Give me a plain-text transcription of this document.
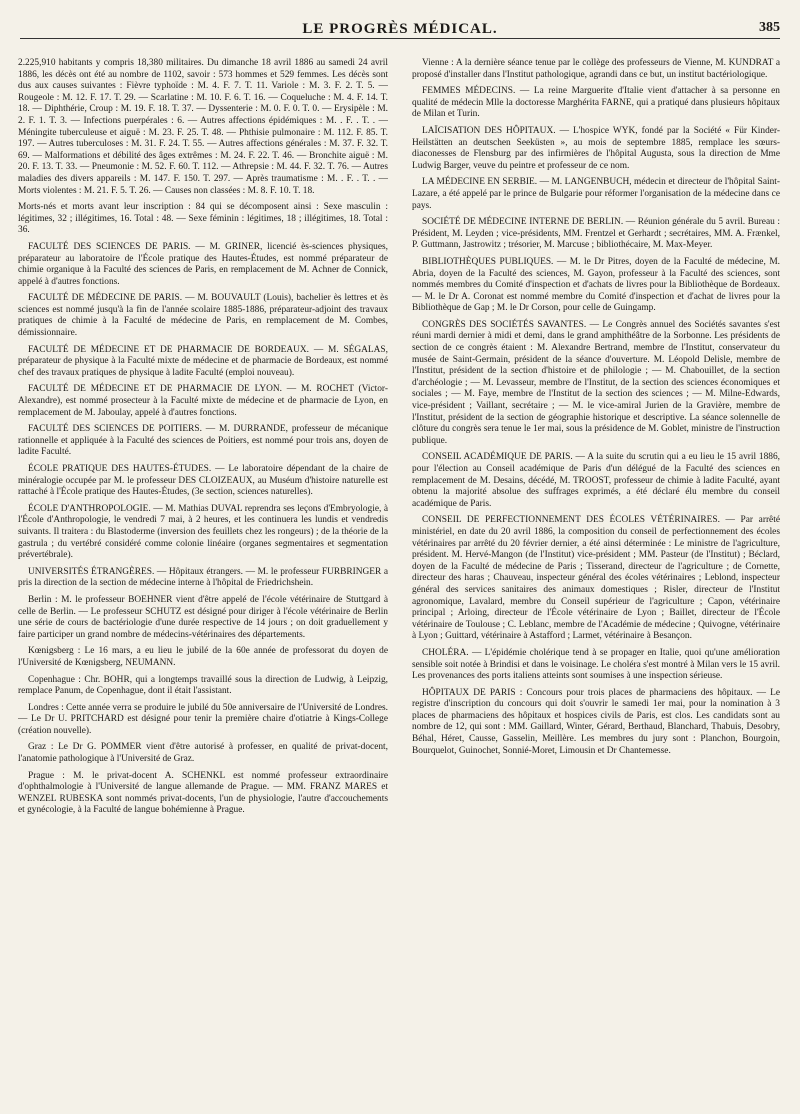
LE PROGRÈS MÉDICAL.	385

2.225,910 habitants y compris 18,380 militaires. Du dimanche 18 avril 1886 au samedi 24 avril 1886, les décès ont été au nombre de 1102, savoir : 573 hommes et 529 femmes. Les décès sont dus aux causes suivantes : Fièvre typhoïde : M. 4. F. 7. T. 11. Variole : M. 3. F. 2. T. 5. — Rougeole : M. 12. F. 17. T. 29. — Scarlatine : M. 10. F. 6. T. 16. — Coqueluche : M. 4. F. 14. T. 18. — Diphthérie, Croup : M. 19. F. 18. T. 37. — Dyssenterie : M. 0. F. 0. T. 0. — Erysipèle : M. 2. F. 1. T. 3. — Infections puerpérales : 6. — Autres affections épidémiques : M. . F. . T. . — Méningite tuberculeuse et aiguë : M. 23. F. 25. T. 48. — Phthisie pulmonaire : M. 112. F. 85. T. 197. — Autres tuberculoses : M. 31. F. 24. T. 55. — Autres affections générales : M. 37. F. 32. T. 69. — Malformations et débilité des âges extrêmes : M. 24. F. 22. T. 46. — Bronchite aiguë : M. 20. F. 13. T. 33. — Pneumonie : M. 52. F. 60. T. 112. — Athrepsie : M. 44. F. 32. T. 76. — Autres maladies des divers appareils : M. 147. F. 150. T. 297. — Après traumatisme : M. . F. . T. . — Morts violentes : M. 21. F. 5. T. 26. — Causes non classées : M. 8. F. 10. T. 18.

Morts-nés et morts avant leur inscription : 84 qui se décomposent ainsi : Sexe masculin : légitimes, 32 ; illégitimes, 16. Total : 48. — Sexe féminin : légitimes, 18 ; illégitimes, 18. Total : 36.

FACULTÉ DES SCIENCES DE PARIS. — M. GRINER, licencié ès-sciences physiques, préparateur au laboratoire de l'École pratique des Hautes-Études, est nommé préparateur de chimie organique à la Faculté des sciences de Paris, en remplacement de M. Achner de Connick, appelé à d'autres fonctions.

FACULTÉ DE MÉDECINE DE PARIS. — M. BOUVAULT (Louis), bachelier ès lettres et ès sciences est nommé jusqu'à la fin de l'année scolaire 1885-1886, préparateur-adjoint des travaux pratiques de chimie à la Faculté de médecine de Paris, en remplacement de M. Combes, démissionnaire.

FACULTÉ DE MÉDECINE ET DE PHARMACIE DE BORDEAUX. — M. SÉGALAS, préparateur de physique à la Faculté mixte de médecine et de pharmacie de Bordeaux, est nommé chef des travaux pratiques de physique à ladite Faculté (emploi nouveau).

FACULTÉ DE MÉDECINE ET DE PHARMACIE DE LYON. — M. ROCHET (Victor-Alexandre), est nommé prosecteur à la Faculté mixte de médecine et de pharmacie de Lyon, en remplacement de M. Jaboulay, appelé à d'autres fonctions.

FACULTÉ DES SCIENCES DE POITIERS. — M. DURRANDE, professeur de mécanique rationnelle et appliquée à la Faculté des sciences de Poitiers, est nommé pour trois ans, doyen de ladite Faculté.

ÉCOLE PRATIQUE DES HAUTES-ÉTUDES. — Le laboratoire dépendant de la chaire de minéralogie occupée par M. le professeur DES CLOIZEAUX, au Muséum d'histoire naturelle est rattaché à l'École pratique des Hautes-Études, (3e section, sciences naturelles).

ÉCOLE D'ANTHROPOLOGIE. — M. Mathias DUVAL reprendra ses leçons d'Embryologie, à l'École d'Anthropologie, le vendredi 7 mai, à 2 heures, et les continuera les lundis et vendredis suivants. Il traitera : du Blastoderme (inversion des feuillets chez les rongeurs) ; de la théorie de la gastrula ; du vertébré considéré comme colonie linéaire (organes segmentaires et segmentation prévertébrale).

UNIVERSITÉS ÉTRANGÈRES. — Hôpitaux étrangers. — M. le professeur FURBRINGER a pris la direction de la section de médecine interne à l'hôpital de Friedrichshein.

Berlin : M. le professeur BOEHNER vient d'être appelé de l'école vétérinaire de Stuttgard à celle de Berlin. — Le professeur SCHUTZ est désigné pour diriger à l'école vétérinaire de Berlin une série de cours de bactériologie d'une durée respective de 14 jours ; on doit graduellement y faire participer un grand nombre de médecins-vétérinaires des départements.

Kœnigsberg : Le 16 mars, a eu lieu le jubilé de la 60e année de professorat du doyen de l'Université de Kœnigsberg, NEUMANN.

Copenhague : Chr. BOHR, qui a longtemps travaillé sous la direction de Ludwig, à Leipzig, remplace Panum, de Copenhague, dont il était l'assistant.

Londres : Cette année verra se produire le jubilé du 50e anniversaire de l'Université de Londres. — Le Dr U. PRITCHARD est désigné pour tenir la première chaire d'otiatrie à Kings-College (création nouvelle).

Graz : Le Dr G. POMMER vient d'être autorisé à professer, en qualité de privat-docent, l'anatomie pathologique à l'Université de Graz.

Prague : M. le privat-docent A. SCHENKL est nommé professeur extraordinaire d'ophthalmologie à l'Université de langue allemande de Prague. — MM. FRANZ MARES et WENZEL RUBESKA sont nommés privat-docents, l'un de physiologie, l'autre d'accouchements et gynécologie, à la Faculté de langue bohémienne à Prague.

Vienne : A la dernière séance tenue par le collège des professeurs de Vienne, M. KUNDRAT a proposé d'installer dans l'Institut pathologique, agrandi dans ce but, un institut bactériologique.

FEMMES MÉDECINS. — La reine Marguerite d'Italie vient d'attacher à sa personne en qualité de médecin Mlle la doctoresse Marghérita FARNE, qui a pratiqué dans plusieurs hôpitaux de Milan et Turin.

LAÏCISATION DES HÔPITAUX. — L'hospice WYK, fondé par la Société « Für Kinder-Heilstätten an deutschen Seeküsten », au mois de septembre 1885, remplace les sœurs-diaconesses de Flensburg par des infirmières de l'hôpital Augusta, sous la direction de Mme Ludwig Barger, veuve du peintre et professeur de ce nom.

LA MÉDECINE EN SERBIE. — M. LANGENBUCH, médecin et directeur de l'hôpital Saint-Lazare, a été appelé par le prince de Bulgarie pour réformer l'organisation de la médecine dans ce pays.

SOCIÉTÉ DE MÉDECINE INTERNE DE BERLIN. — Réunion générale du 5 avril. Bureau : Président, M. Leyden ; vice-présidents, MM. Frentzel et Gerhardt ; secrétaires, MM. A. Frænkel, P. Guttmann, Jastrowitz ; trésorier, M. Marcuse ; bibliothécaire, M. Max-Meyer.

BIBLIOTHÈQUES PUBLIQUES. — M. le Dr Pitres, doyen de la Faculté de médecine, M. Abria, doyen de la Faculté des sciences, M. Gayon, professeur à la Faculté des sciences, sont nommés membres du Comité d'inspection et d'achats de livres pour la Bibliothèque de Bordeaux. — M. le Dr A. Coronat est nommé membre du Comité d'inspection et d'achat de livres pour la Bibliothèque de Gap ; M. le Dr Corson, pour celle de Guingamp.

CONGRÈS DES SOCIÉTÉS SAVANTES. — Le Congrès annuel des Sociétés savantes s'est réuni mardi dernier à midi et demi, dans le grand amphithéâtre de la Sorbonne. Les présidents de section de ce congrès étaient : M. Alexandre Bertrand, membre de l'Institut, conservateur du musée de Saint-Germain, président de la séance d'ouverture. M. Léopold Delisle, membre de l'Institut, président de la section d'histoire et de philologie ; — M. Chabouillet, de la section d'archéologie ; — M. Levasseur, membre de l'Institut, de la section des sciences économiques et sociales ; — M. Faye, membre de l'Institut de la section des sciences ; — M. Milne-Edwards, vice-président ; Vaillant, secrétaire ; — M. le vice-amiral Jurien de la Gravière, membre de l'Institut, président de la section de géographie historique et descriptive. La séance solennelle de clôture du congrès sera tenue le 1er mai, sous la présidence de M. Goblet, ministre de l'instruction publique.

CONSEIL ACADÉMIQUE DE PARIS. — A la suite du scrutin qui a eu lieu le 15 avril 1886, pour l'élection au Conseil académique de Paris d'un délégué de la Faculté des sciences en remplacement de M. Desains, décédé, M. TROOST, professeur de chimie à ladite Faculté, ayant obtenu la majorité absolue des suffrages exprimés, a été déclaré élu membre du conseil académique de Paris.

CONSEIL DE PERFECTIONNEMENT DES ÉCOLES VÉTÉRINAIRES. — Par arrêté ministériel, en date du 20 avril 1886, la composition du conseil de perfectionnement des écoles vétérinaires par arrêté du 20 février dernier, a été ainsi déterminée : Le ministre de l'agriculture, président. M. Hervé-Mangon (de l'Institut) vice-président ; MM. Pasteur (de l'Institut) ; Béclard, doyen de la Faculté de médecine de Paris ; Tisserand, directeur de l'agriculture ; de Cornette, directeur des haras ; Chauveau, inspecteur général des écoles vétérinaires ; Leblond, inspecteur général des services sanitaires des animaux domestiques ; Risler, directeur de l'Institut agronomique, Lavalard, membre du Conseil supérieur de l'agriculture ; Capon, vétérinaire principal ; Arloing, directeur de l'École vétérinaire de Lyon ; Baillet, directeur de l'École vétérinaire de Toulouse ; C. Leblanc, membre de l'Académie de médecine ; Quivogne, vétérinaire à Lyon ; Guittard, vétérinaire à Astafford ; Larmet, vétérinaire à Besançon.

CHOLÉRA. — L'épidémie cholérique tend à se propager en Italie, quoi qu'une amélioration sensible soit notée à Brindisi et dans le voisinage. Le choléra s'est montré à Milan vers le 15 avril. Les provenances des ports italiens atteints sont soumises à une inspection sérieuse.

HÔPITAUX DE PARIS : Concours pour trois places de pharmaciens des hôpitaux. — Le registre d'inscription du concours qui doit s'ouvrir le samedi 1er mai, pour la nomination à 3 places de pharmaciens des hôpitaux et hospices civils de Paris, est clos. Les candidats sont au nombre de 12, qui sont : MM. Gaillard, Winter, Gérard, Berthaud, Blanchard, Thabuis, Desobry, Béhal, Héret, Causse, Gasselin, Meillère. Les membres du jury sont : Planchon, Bourgoin, Bourquelot, Guinochet, Sonnié-Moret, Limousin et Dr Chantemesse.
